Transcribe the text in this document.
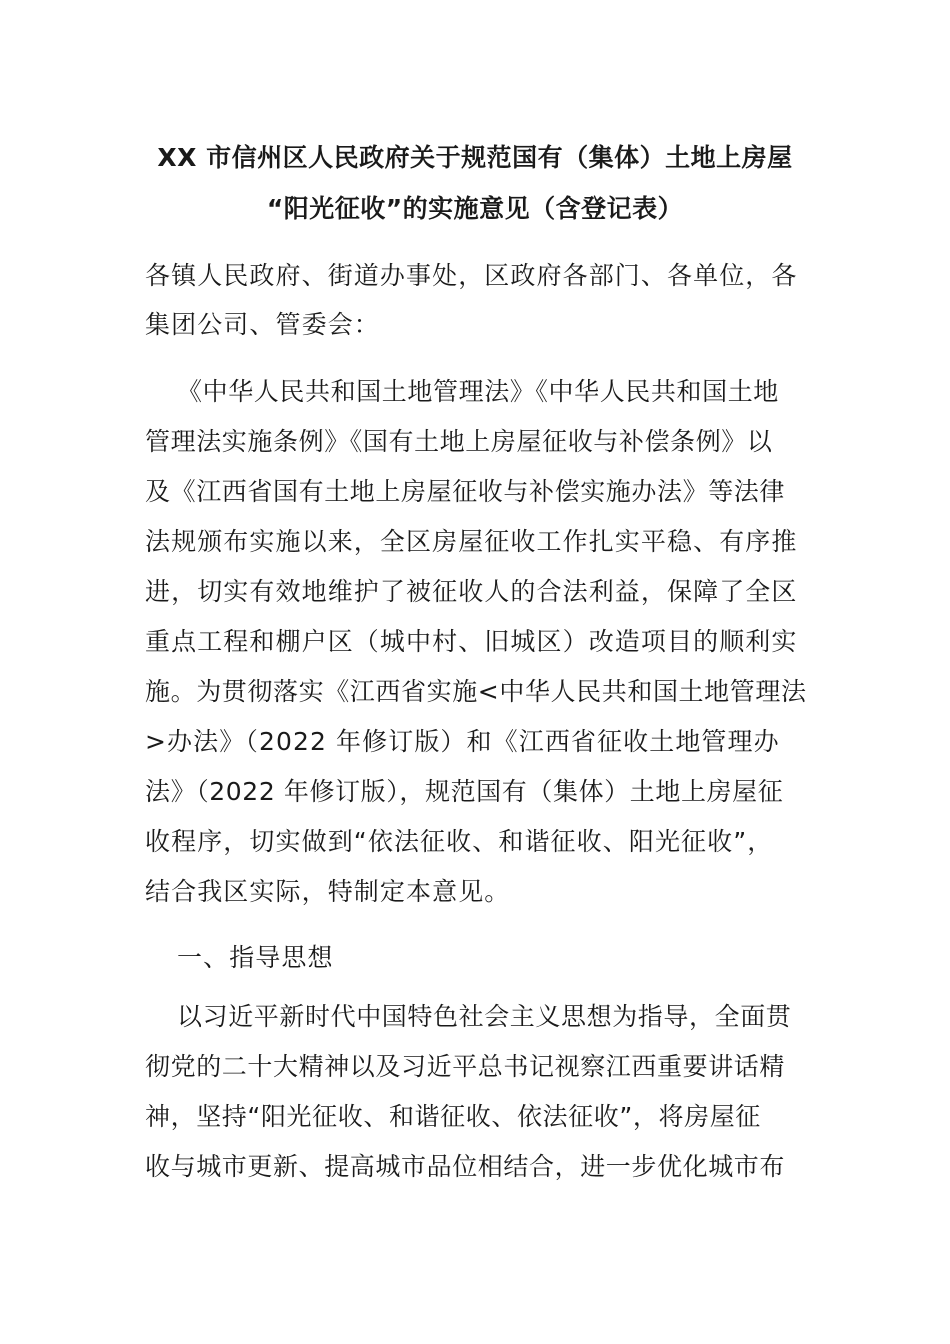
XX 市信州区人民政府关于规范国有（集体）土地上房屋
“阳光征收”的实施意见（含登记表）
各镇人民政府、街道办事处，区政府各部门、各单位，各
集团公司、管委会：
《中华人民共和国土地管理法》《中华人民共和国土地
管理法实施条例》《国有土地上房屋征收与补偿条例》以
及《江西省国有土地上房屋征收与补偿实施办法》等法律
法规颁布实施以来，全区房屋征收工作扎实平稳、有序推
进，切实有效地维护了被征收人的合法利益，保障了全区
重点工程和棚户区（城中村、旧城区）改造项目的顺利实
施。为贯彻落实《江西省实施<中华人民共和国土地管理法
>办法》（2022 年修订版）和《江西省征收土地管理办
法》（2022 年修订版），规范国有（集体）土地上房屋征
收程序，切实做到“依法征收、和谐征收、阳光征收”，
结合我区实际，特制定本意见。
一、指导思想
以习近平新时代中国特色社会主义思想为指导，全面贯
彻党的二十大精神以及习近平总书记视察江西重要讲话精
神，坚持“阳光征收、和谐征收、依法征收”，将房屋征
收与城市更新、提高城市品位相结合，进一步优化城市布
